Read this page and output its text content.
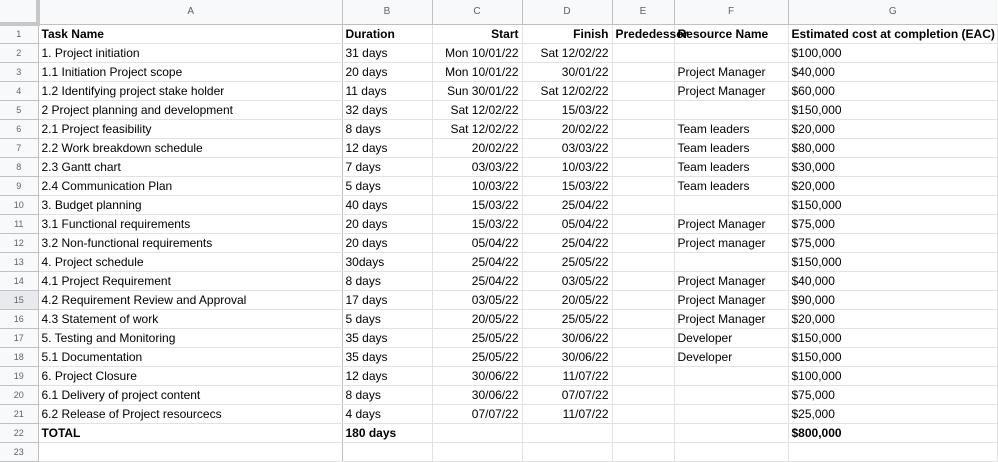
	A	B	C	D	E	F	G
1	Task Name	Duration	Start	Finish	Prededessor	Resource Name	Estimated cost at completion (EAC)
2	1. Project initiation	31 days	Mon 10/01/22	Sat 12/02/22			$100,000
3	1.1 Initiation Project scope	20 days	Mon 10/01/22	30/01/22		Project Manager	$40,000
4	1.2 Identifying project stake holder	11 days	Sun 30/01/22	Sat 12/02/22		Project Manager	$60,000
5	2 Project planning and development	32 days	Sat 12/02/22	15/03/22			$150,000
6	2.1 Project feasibility	8 days	Sat 12/02/22	20/02/22		Team leaders	$20,000
7	2.2 Work breakdown schedule	12 days	20/02/22	03/03/22		Team leaders	$80,000
8	2.3 Gantt chart	7 days	03/03/22	10/03/22		Team leaders	$30,000
9	2.4 Communication Plan	5 days	10/03/22	15/03/22		Team leaders	$20,000
10	3. Budget planning	40 days	15/03/22	25/04/22			$150,000
11	3.1 Functional requirements	20 days	15/03/22	05/04/22		Project Manager	$75,000
12	3.2 Non-functional requirements	20 days	05/04/22	25/04/22		Project manager	$75,000
13	4. Project schedule	30days	25/04/22	25/05/22			$150,000
14	4.1 Project Requirement	8 days	25/04/22	03/05/22		Project Manager	$40,000
15	4.2 Requirement Review and Approval	17 days	03/05/22	20/05/22		Project Manager	$90,000
16	4.3 Statement of work	5 days	20/05/22	25/05/22		Project Manager	$20,000
17	5. Testing and Monitoring	35 days	25/05/22	30/06/22		Developer	$150,000
18	5.1 Documentation	35 days	25/05/22	30/06/22		Developer	$150,000
19	6. Project Closure	12 days	30/06/22	11/07/22			$100,000
20	6.1 Delivery of project content	8 days	30/06/22	07/07/22			$75,000
21	6.2 Release of Project resourcecs	4 days	07/07/22	11/07/22			$25,000
22	TOTAL	180 days					$800,000
23							
